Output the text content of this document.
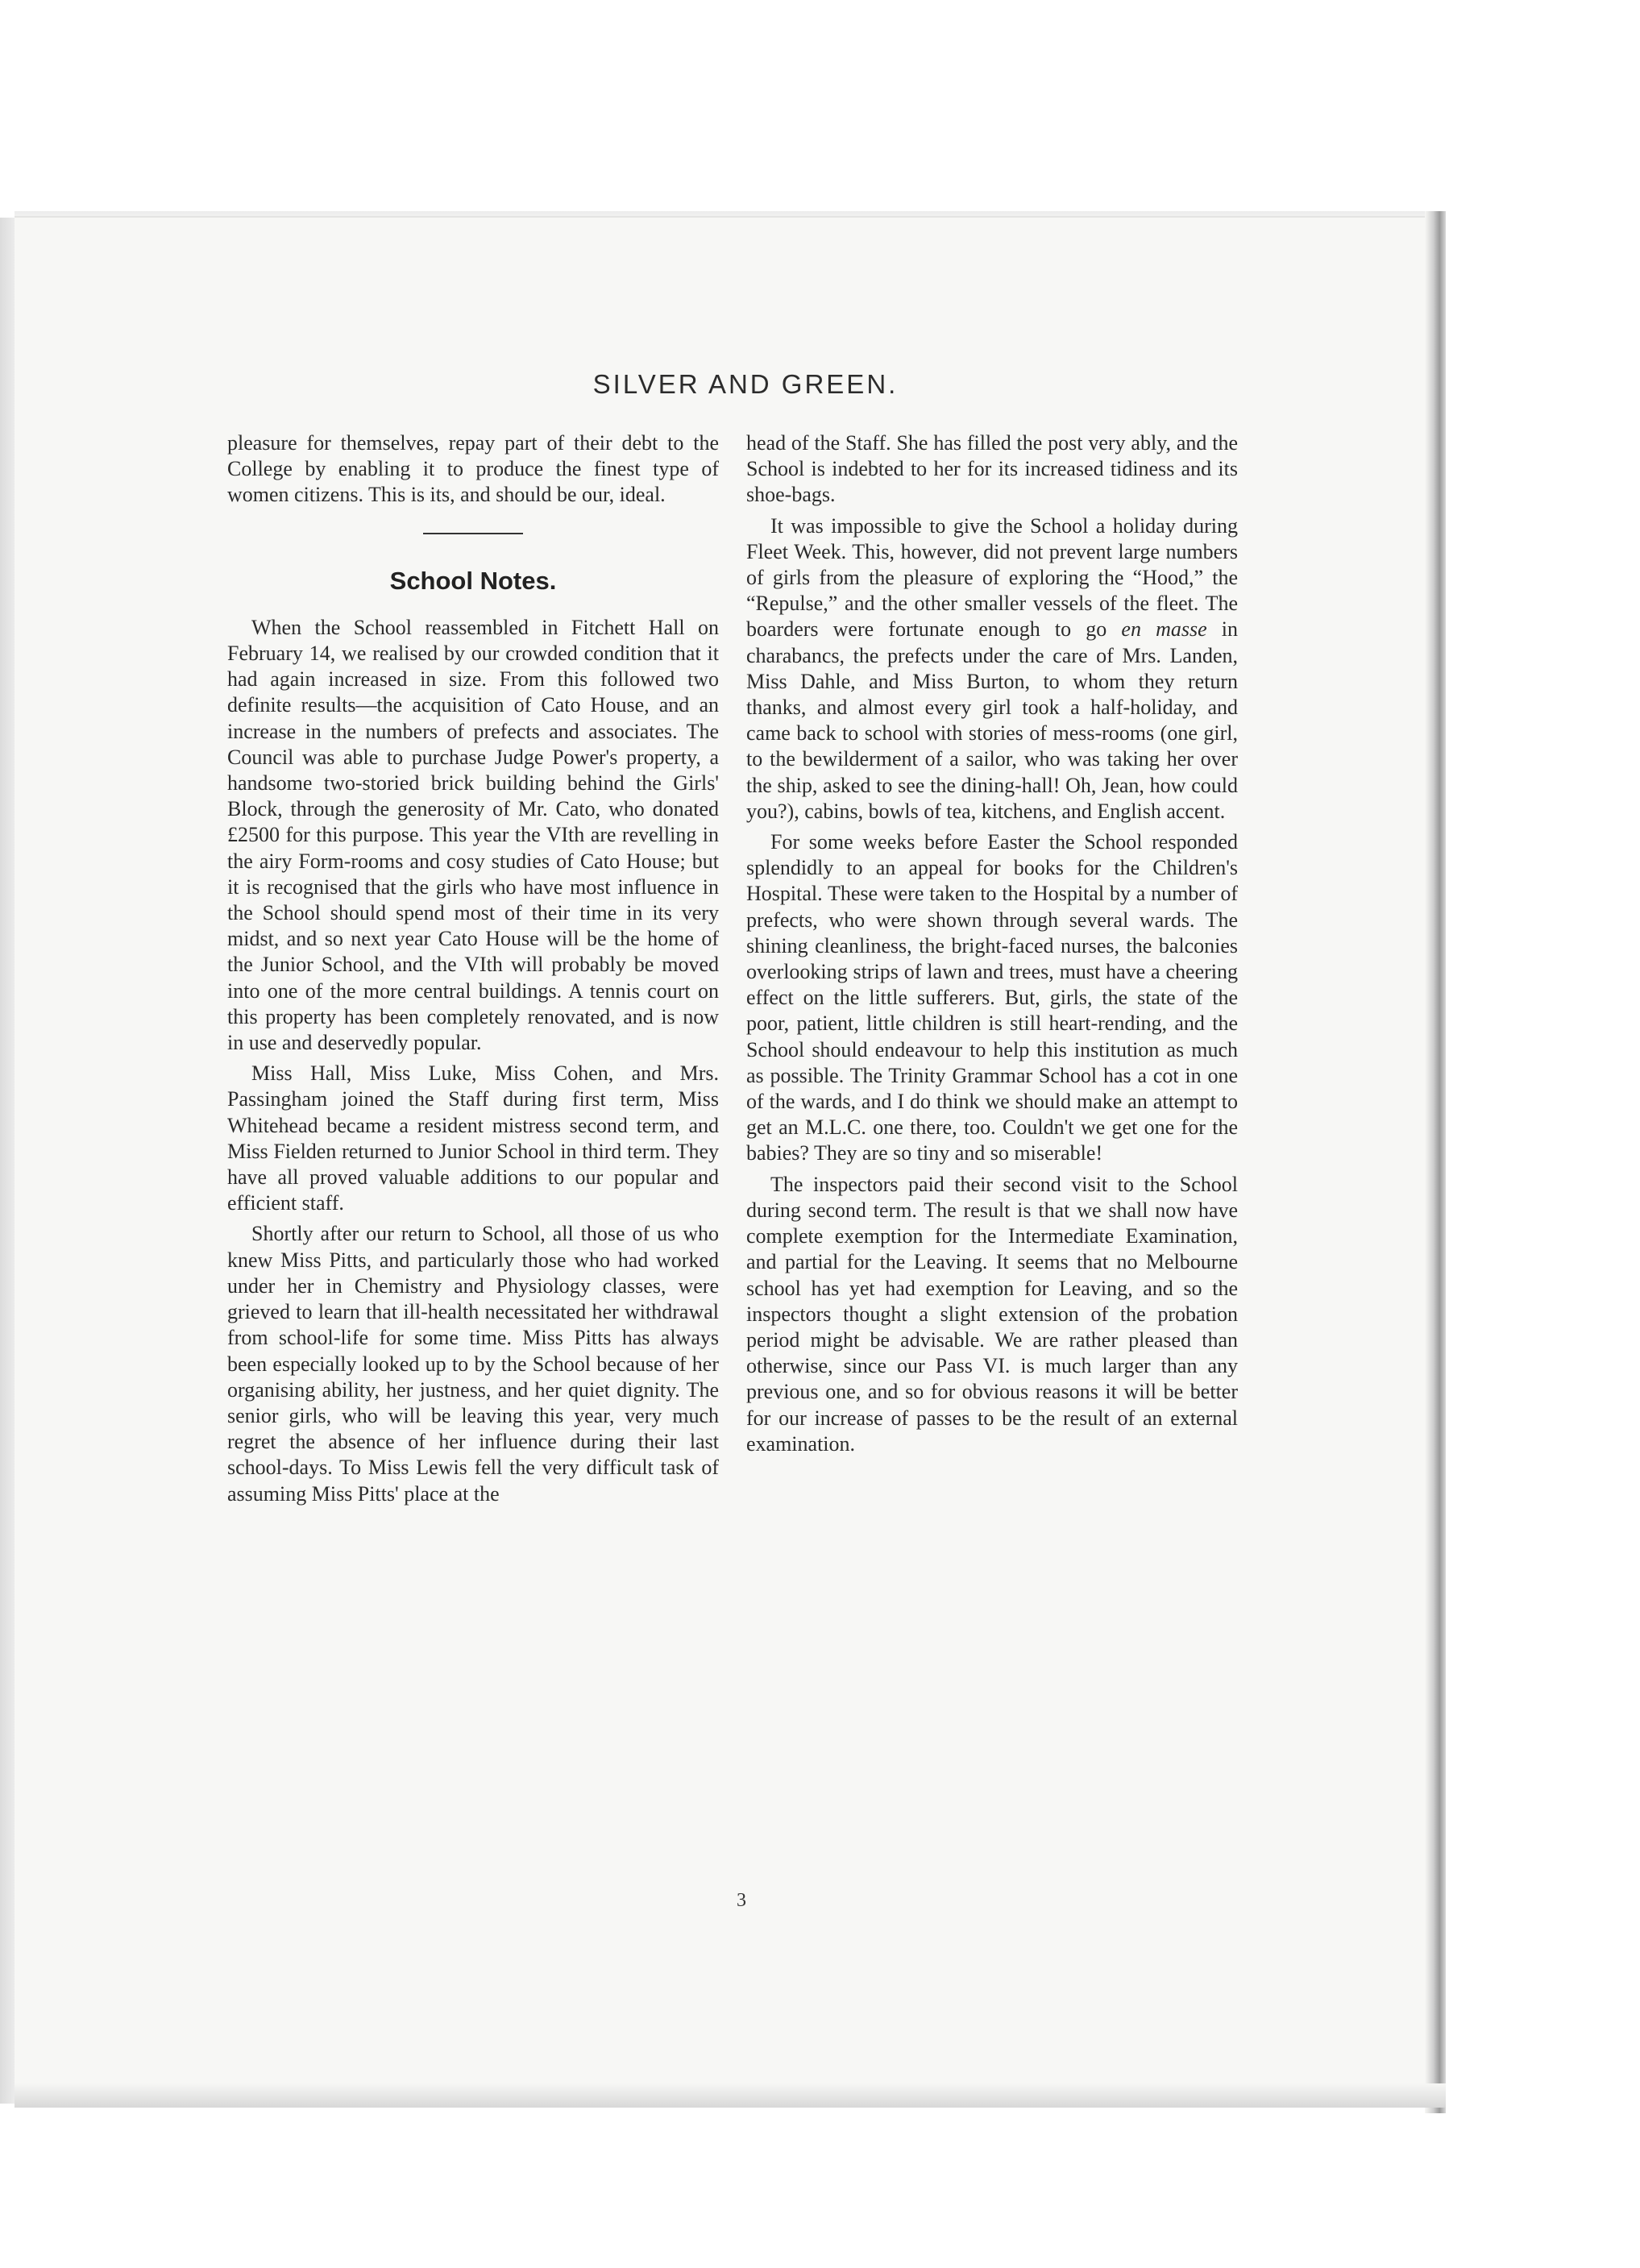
SILVER AND GREEN.

pleasure for themselves, repay part of their debt to the College by enabling it to produce the finest type of women citizens. This is its, and should be our, ideal.

School Notes.

When the School reassembled in Fitchett Hall on February 14, we realised by our crowded condition that it had again increased in size. From this followed two definite results—the acquisition of Cato House, and an increase in the numbers of prefects and associates. The Council was able to purchase Judge Power's property, a handsome two-storied brick building behind the Girls' Block, through the generosity of Mr. Cato, who donated £2500 for this purpose. This year the VIth are revelling in the airy Form-rooms and cosy studies of Cato House; but it is recognised that the girls who have most influence in the School should spend most of their time in its very midst, and so next year Cato House will be the home of the Junior School, and the VIth will probably be moved into one of the more central buildings. A tennis court on this property has been completely renovated, and is now in use and deservedly popular.

Miss Hall, Miss Luke, Miss Cohen, and Mrs. Passingham joined the Staff during first term, Miss Whitehead became a resident mistress second term, and Miss Fielden returned to Junior School in third term. They have all proved valuable additions to our popular and efficient staff.

Shortly after our return to School, all those of us who knew Miss Pitts, and particularly those who had worked under her in Chemistry and Physiology classes, were grieved to learn that ill-health necessitated her withdrawal from school-life for some time. Miss Pitts has always been especially looked up to by the School because of her organising ability, her justness, and her quiet dignity. The senior girls, who will be leaving this year, very much regret the absence of her influence during their last school-days. To Miss Lewis fell the very difficult task of assuming Miss Pitts' place at the

head of the Staff. She has filled the post very ably, and the School is indebted to her for its increased tidiness and its shoe-bags.

It was impossible to give the School a holiday during Fleet Week. This, however, did not prevent large numbers of girls from the pleasure of exploring the “Hood,” the “Repulse,” and the other smaller vessels of the fleet. The boarders were fortunate enough to go en masse in charabancs, the prefects under the care of Mrs. Landen, Miss Dahle, and Miss Burton, to whom they return thanks, and almost every girl took a half-holiday, and came back to school with stories of mess-rooms (one girl, to the bewilderment of a sailor, who was taking her over the ship, asked to see the dining-hall! Oh, Jean, how could you?), cabins, bowls of tea, kitchens, and English accent.

For some weeks before Easter the School responded splendidly to an appeal for books for the Children's Hospital. These were taken to the Hospital by a number of prefects, who were shown through several wards. The shining cleanliness, the bright-faced nurses, the balconies overlooking strips of lawn and trees, must have a cheering effect on the little sufferers. But, girls, the state of the poor, patient, little children is still heart-rending, and the School should endeavour to help this institution as much as possible. The Trinity Grammar School has a cot in one of the wards, and I do think we should make an attempt to get an M.L.C. one there, too. Couldn't we get one for the babies? They are so tiny and so miserable!

The inspectors paid their second visit to the School during second term. The result is that we shall now have complete exemption for the Intermediate Examination, and partial for the Leaving. It seems that no Melbourne school has yet had exemption for Leaving, and so the inspectors thought a slight extension of the probation period might be advisable. We are rather pleased than otherwise, since our Pass VI. is much larger than any previous one, and so for obvious reasons it will be better for our increase of passes to be the result of an external examination.

3
